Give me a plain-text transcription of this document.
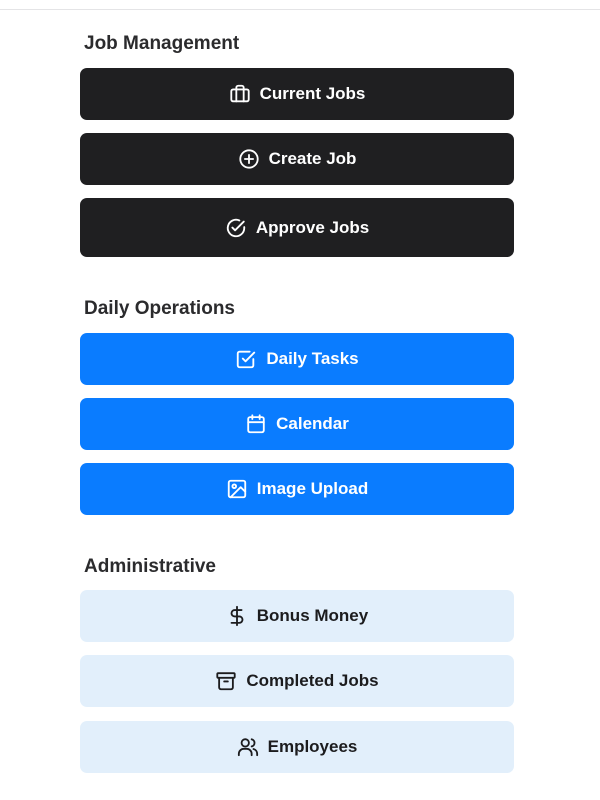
Job Management
Current Jobs
Create Job
Approve Jobs
Daily Operations
Daily Tasks
Calendar
Image Upload
Administrative
Bonus Money
Completed Jobs
Employees
